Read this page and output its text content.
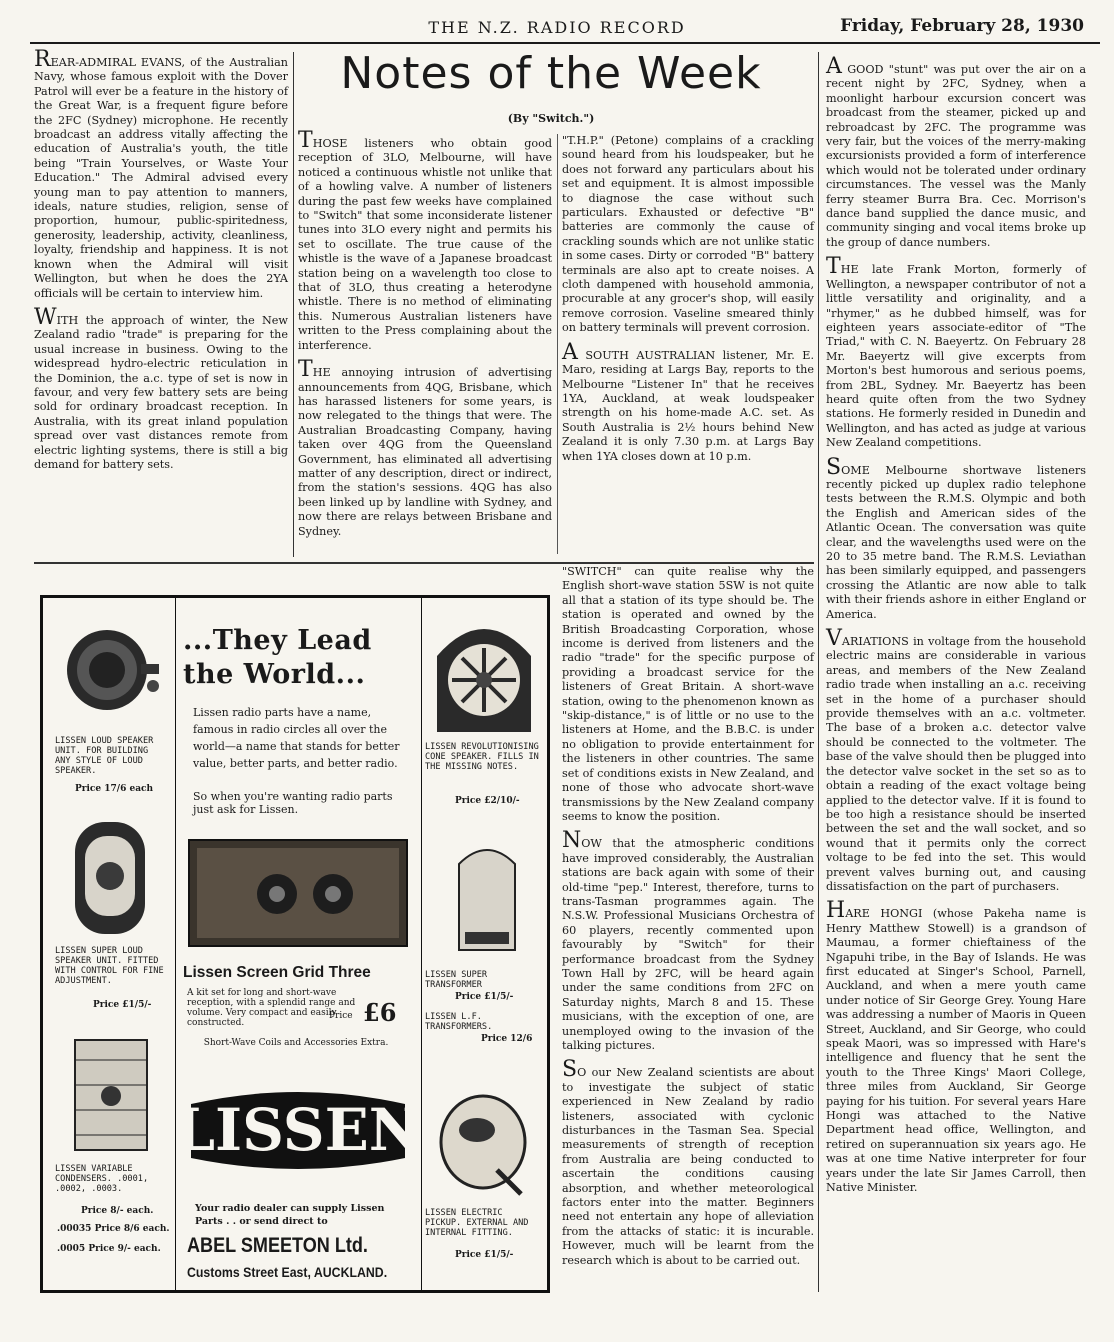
THE N.Z. RADIO RECORD	Friday, February 28, 1930

REAR-ADMIRAL EVANS, of the Australian Navy, whose famous exploit with the Dover Patrol will ever be a feature in the history of the Great War, is a frequent figure before the 2FC (Sydney) microphone. He recently broadcast an address vitally affecting the education of Australia's youth, the title being "Train Yourselves, or Waste Your Education." The Admiral advised every young man to pay attention to manners, ideals, nature studies, religion, sense of proportion, humour, public-spiritedness, generosity, leadership, activity, cleanliness, loyalty, friendship and happiness. It is not known when the Admiral will visit Wellington, but when he does the 2YA officials will be certain to interview him.

WITH the approach of winter, the New Zealand radio "trade" is preparing for the usual increase in business. Owing to the widespread hydro-electric reticulation in the Dominion, the a.c. type of set is now in favour, and very few battery sets are being sold for ordinary broadcast reception. In Australia, with its great inland population spread over vast distances remote from electric lighting systems, there is still a big demand for battery sets.

Notes of the Week
(By "Switch.")

THOSE listeners who obtain good reception of 3LO, Melbourne, will have noticed a continuous whistle not unlike that of a howling valve. A number of listeners during the past few weeks have complained to "Switch" that some inconsiderate listener tunes into 3LO every night and permits his set to oscillate. The true cause of the whistle is the wave of a Japanese broadcast station being on a wavelength too close to that of 3LO, thus creating a heterodyne whistle. There is no method of eliminating this. Numerous Australian listeners have written to the Press complaining about the interference.

THE annoying intrusion of advertising announcements from 4QG, Brisbane, which has harassed listeners for some years, is now relegated to the things that were. The Australian Broadcasting Company, having taken over 4QG from the Queensland Government, has eliminated all advertising matter of any description, direct or indirect, from the station's sessions. 4QG has also been linked up by landline with Sydney, and now there are relays between Brisbane and Sydney.

"T.H.P." (Petone) complains of a crackling sound heard from his loudspeaker, but he does not forward any particulars about his set and equipment. It is almost impossible to diagnose the case without such particulars. Exhausted or defective "B" batteries are commonly the cause of crackling sounds which are not unlike static in some cases. Dirty or corroded "B" battery terminals are also apt to create noises. A cloth dampened with household ammonia, procurable at any grocer's shop, will easily remove corrosion. Vaseline smeared thinly on battery terminals will prevent corrosion.

A SOUTH AUSTRALIAN listener, Mr. E. Maro, residing at Largs Bay, reports to the Melbourne "Listener In" that he receives 1YA, Auckland, at weak loudspeaker strength on his home-made A.C. set. As South Australia is 2½ hours behind New Zealand it is only 7.30 p.m. at Largs Bay when 1YA closes down at 10 p.m.

"SWITCH" can quite realise why the English short-wave station 5SW is not quite all that a station of its type should be. The station is operated and owned by the British Broadcasting Corporation, whose income is derived from listeners and the radio "trade" for the specific purpose of providing a broadcast service for the listeners of Great Britain. A short-wave station, owing to the phenomenon known as "skip-distance," is of little or no use to the listeners at Home, and the B.B.C. is under no obligation to provide entertainment for the listeners in other countries. The same set of conditions exists in New Zealand, and none of those who advocate short-wave transmissions by the New Zealand company seems to know the position.

NOW that the atmospheric conditions have improved considerably, the Australian stations are back again with some of their old-time "pep." Interest, therefore, turns to trans-Tasman programmes again. The N.S.W. Professional Musicians Orchestra of 60 players, recently commented upon favourably by "Switch" for their performance broadcast from the Sydney Town Hall by 2FC, will be heard again under the same conditions from 2FC on Saturday nights, March 8 and 15. These musicians, with the exception of one, are unemployed owing to the invasion of the talking pictures.

SO our New Zealand scientists are about to investigate the subject of static experienced in New Zealand by radio listeners, associated with cyclonic disturbances in the Tasman Sea. Special measurements of strength of reception from Australia are being conducted to ascertain the conditions causing absorption, and whether meteorological factors enter into the matter. Beginners need not entertain any hope of alleviation from the attacks of static: it is incurable. However, much will be learnt from the research which is about to be carried out.

A GOOD "stunt" was put over the air on a recent night by 2FC, Sydney, when a moonlight harbour excursion concert was broadcast from the steamer, picked up and rebroadcast by 2FC. The programme was very fair, but the voices of the merry-making excursionists provided a form of interference which would not be tolerated under ordinary circumstances. The vessel was the Manly ferry steamer Burra Bra. Cec. Morrison's dance band supplied the dance music, and community singing and vocal items broke up the group of dance numbers.

THE late Frank Morton, formerly of Wellington, a newspaper contributor of not a little versatility and originality, and a "rhymer," as he dubbed himself, was for eighteen years associate-editor of "The Triad," with C. N. Baeyertz. On February 28 Mr. Baeyertz will give excerpts from Morton's best humorous and serious poems, from 2BL, Sydney. Mr. Baeyertz has been heard quite often from the two Sydney stations. He formerly resided in Dunedin and Wellington, and has acted as judge at various New Zealand competitions.

SOME Melbourne shortwave listeners recently picked up duplex radio telephone tests between the R.M.S. Olympic and both the English and American sides of the Atlantic Ocean. The conversation was quite clear, and the wavelengths used were on the 20 to 35 metre band. The R.M.S. Leviathan has been similarly equipped, and passengers crossing the Atlantic are now able to talk with their friends ashore in either England or America.

VARIATIONS in voltage from the household electric mains are considerable in various areas, and members of the New Zealand radio trade when installing an a.c. receiving set in the home of a purchaser should provide themselves with an a.c. voltmeter. The base of a broken a.c. detector valve should be connected to the voltmeter. The base of the valve should then be plugged into the detector valve socket in the set so as to obtain a reading of the exact voltage being applied to the detector valve. If it is found to be too high a resistance should be inserted between the set and the wall socket, and so wound that it permits only the correct voltage to be fed into the set. This would prevent valves burning out, and causing dissatisfaction on the part of purchasers.

HARE HONGI (whose Pakeha name is Henry Matthew Stowell) is a grandson of Maumau, a former chieftainess of the Ngapuhi tribe, in the Bay of Islands. He was first educated at Singer's School, Parnell, Auckland, and when a mere youth came under notice of Sir George Grey. Young Hare was addressing a number of Maoris in Queen Street, Auckland, and Sir George, who could speak Maori, was so impressed with Hare's intelligence and fluency that he sent the youth to the Three Kings' Maori College, three miles from Auckland, Sir George paying for his tuition. For several years Hare Hongi was attached to the Native Department head office, Wellington, and retired on superannuation six years ago. He was at one time Native interpreter for four years under the late Sir James Carroll, then Native Minister.

LISSEN LOUD SPEAKER UNIT. FOR BUILDING ANY STYLE OF LOUD SPEAKER.
Price 17/6 each
LISSEN SUPER LOUD SPEAKER UNIT. FITTED WITH CONTROL FOR FINE ADJUSTMENT.
Price £1/5/-
LISSEN VARIABLE CONDENSERS. .0001, .0002, .0003.
Price 8/- each.
.00035 Price 8/6 each.
.0005 Price 9/- each.
...They Lead the World...
Lissen radio parts have a name, famous in radio circles all over the world—a name that stands for better value, better parts, and better radio.
So when you're wanting radio parts just ask for Lissen.
Lissen Screen Grid Three
A kit set for long and short-wave reception, with a splendid range and volume. Very compact and easily constructed.
Price £6
Short-Wave Coils and Accessories Extra.
LISSEN
Your radio dealer can supply Lissen Parts . . or send direct to
ABEL SMEETON Ltd.
Customs Street East, AUCKLAND.
LISSEN REVOLUTIONISING CONE SPEAKER. FILLS IN THE MISSING NOTES.
Price £2/10/-
LISSEN SUPER TRANSFORMER
Price £1/5/-
LISSEN L.F. TRANSFORMERS.
Price 12/6
LISSEN ELECTRIC PICKUP. EXTERNAL AND INTERNAL FITTING.
Price £1/5/-
